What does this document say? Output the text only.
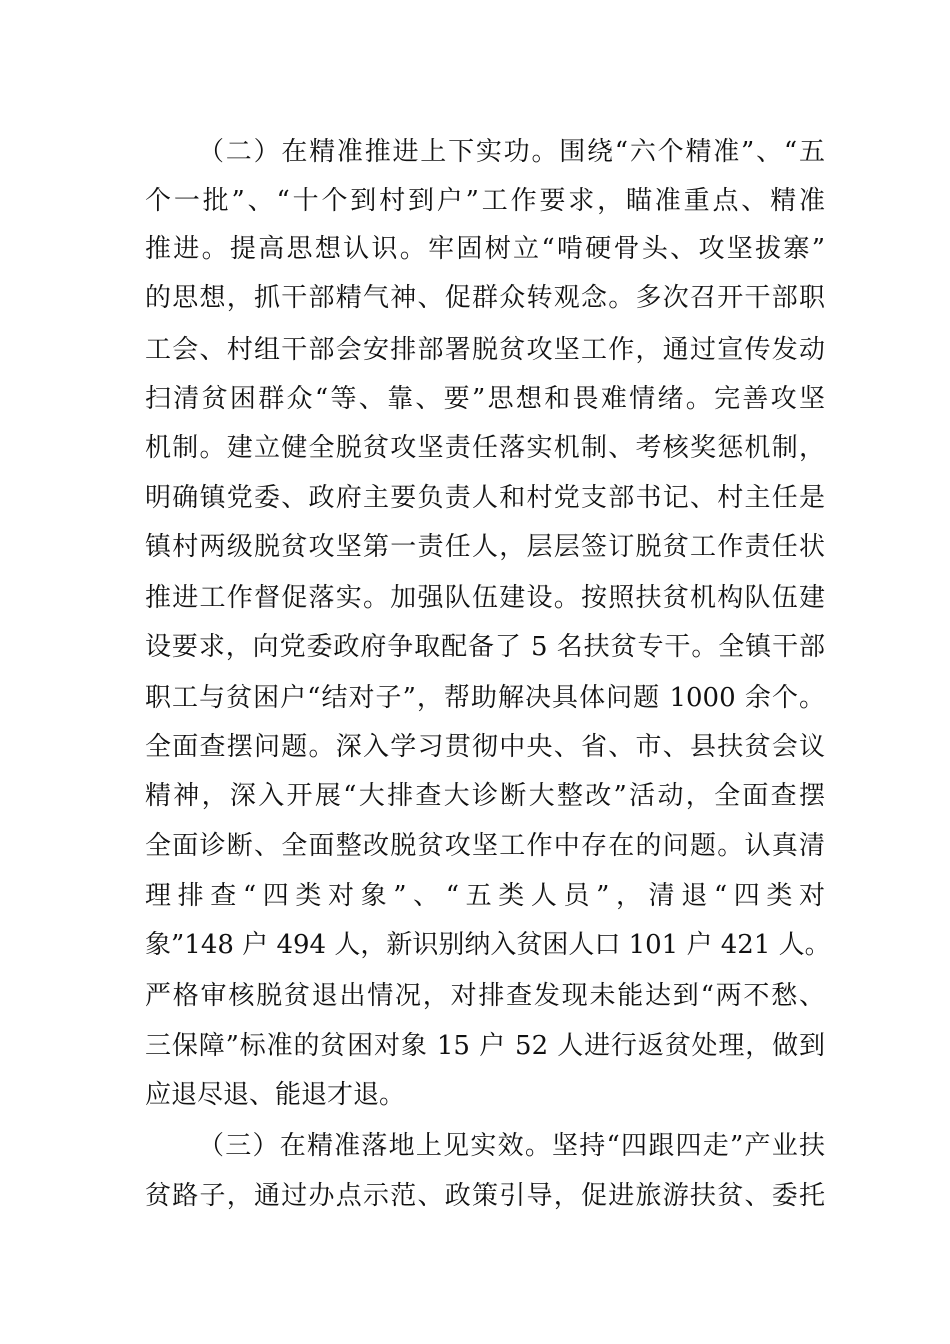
（二）在精准推进上下实功。围绕“六个精准”、“五
个一批”、“十个到村到户”工作要求，瞄准重点、精准
推进。提高思想认识。牢固树立“啃硬骨头、攻坚拔寨”
的思想，抓干部精气神、促群众转观念。多次召开干部职
工会、村组干部会安排部署脱贫攻坚工作，通过宣传发动
扫清贫困群众“等、靠、要”思想和畏难情绪。完善攻坚
机制。建立健全脱贫攻坚责任落实机制、考核奖惩机制，
明确镇党委、政府主要负责人和村党支部书记、村主任是
镇村两级脱贫攻坚第一责任人，层层签订脱贫工作责任状
推进工作督促落实。加强队伍建设。按照扶贫机构队伍建
设要求，向党委政府争取配备了 5 名扶贫专干。全镇干部
职工与贫困户“结对子”，帮助解决具体问题 1000 余个。
全面查摆问题。深入学习贯彻中央、省、市、县扶贫会议
精神，深入开展“大排查大诊断大整改”活动，全面查摆
全面诊断、全面整改脱贫攻坚工作中存在的问题。认真清
理排查“四类对象”、“五类人员”，清退“四类对
象”148 户 494 人，新识别纳入贫困人口 101 户 421 人。
严格审核脱贫退出情况，对排查发现未能达到“两不愁、
三保障”标准的贫困对象 15 户 52 人进行返贫处理，做到
应退尽退、能退才退。
（三）在精准落地上见实效。坚持“四跟四走”产业扶
贫路子，通过办点示范、政策引导，促进旅游扶贫、委托
